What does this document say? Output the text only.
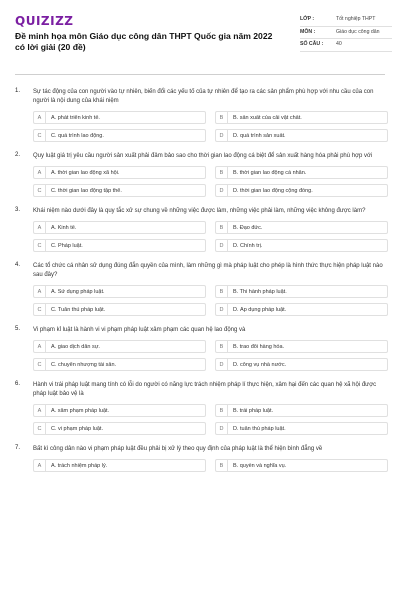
QUIZIZZ
Đề minh họa môn Giáo dục công dân THPT Quốc gia năm 2022 có lời giải (20 đề)
LỚP :	Tốt nghiệp THPT
MÔN :	Giáo dục công dân
SỐ CÂU :	40
1.	Sự tác động của con người vào tự nhiên, biến đổi các yếu tố của tự nhiên để tạo ra các sản phẩm phù hợp với nhu cầu của con người là nội dung của khái niệm
A	A. phát triển kinh tế.	B	B. sản xuất của cải vật chất.
C	C. quá trình lao động.	D	D. quá trình sản xuất.
2.	Quy luật giá trị yêu cầu người sản xuất phải đảm bảo sao cho thời gian lao động cá biệt để sản xuất hàng hóa phải phù hợp với
A	A. thời gian lao động xã hội.	B	B. thời gian lao động cá nhân.
C	C. thời gian lao động tập thể.	D	D. thời gian lao động cộng đồng.
3.	Khái niệm nào dưới đây là quy tắc xử sự chung về những việc được làm, những việc phải làm, những việc không được làm?
A	A. Kinh tế.	B	B. Đạo đức.
C	C. Pháp luật.	D	D. Chính trị.
4.	Các tổ chức cá nhân sử dụng đúng đắn quyền của mình, làm những gì mà pháp luật cho phép là hình thức thực hiện pháp luật nào sau đây?
A	A. Sử dụng pháp luật.	B	B. Thi hành pháp luật.
C	C. Tuân thủ pháp luật.	D	D. Áp dụng pháp luật.
5.	Vi phạm kỉ luật là hành vi vi phạm pháp luật xâm phạm các quan hệ lao động và
A	A. giao dịch dân sự.	B	B. trao đổi hàng hóa.
C	C. chuyển nhượng tài sản.	D	D. công vụ nhà nước.
6.	Hành vi trái pháp luật mang tính có lỗi do người có năng lực trách nhiệm pháp lí thực hiện, xâm hại đến các quan hệ xã hội được pháp luật bảo vệ là
A	A. xâm phạm pháp luật.	B	B. trái pháp luật.
C	C. vi phạm pháp luật.	D	D. tuân thủ pháp luật.
7.	Bất kì công dân nào vi phạm pháp luật đều phải bị xử lý theo quy định của pháp luật là thể hiện bình đẳng về
A	A. trách nhiệm pháp lý.	B	B. quyền và nghĩa vụ.
